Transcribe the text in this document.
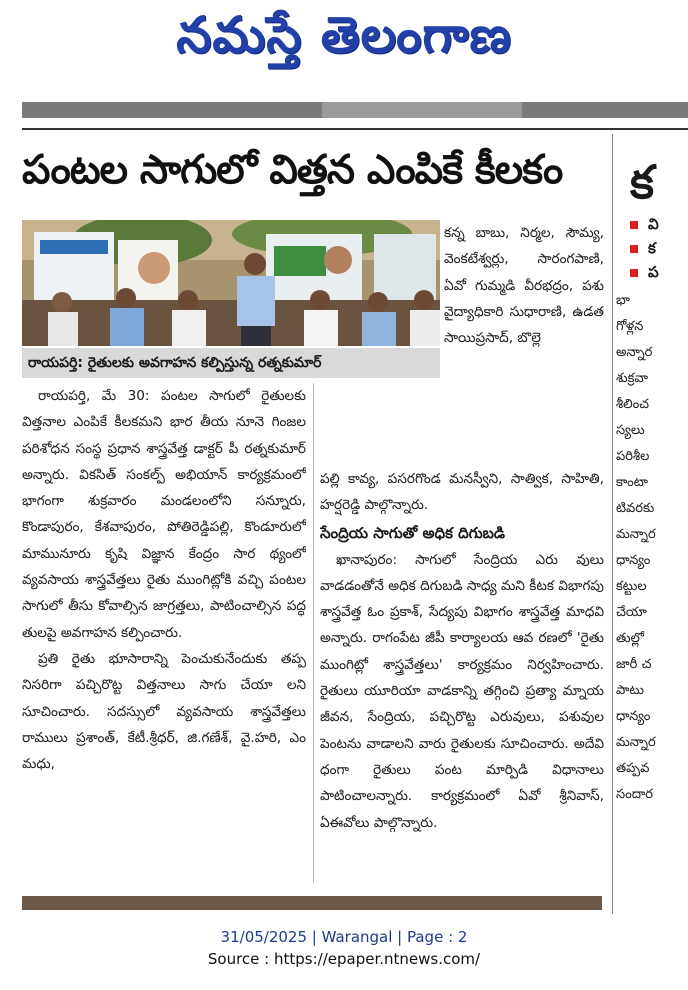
నమస్తే తెలంగాణ
పంటల సాగులో విత్తన ఎంపికే కీలకం
రాయపర్తి: రైతులకు అవగాహన కల్పిస్తున్న రత్నకుమార్

రాయపర్తి, మే 30: పంటల సాగులో రైతులకు విత్తనాల ఎంపికే కీలకమని భార తీయ నూనె గింజల పరిశోధన సంస్థ ప్రధాన శాస్త్రవేత్త డాక్టర్ పీ రత్నకుమార్ అన్నారు. వికసిత్ సంకల్ప్ అభియాన్ కార్యక్రమంలో భాగంగా శుక్రవారం మండలంలోని సన్నూరు, కొండాపురం, కేశవాపురం, పోతిరెడ్డిపల్లి, కొండూరులో మామునూరు కృషి విజ్ఞాన కేంద్రం సార థ్యంలో వ్యవసాయ శాస్త్రవేత్తలు రైతు ముంగిట్లోకి వచ్చి పంటల సాగులో తీసు కోవాల్సిన జాగ్రత్తలు, పాటించాల్సిన పద్ధ తులపై అవగాహన కల్పించారు.

ప్రతి రైతు భూసారాన్ని పెంచుకునేందుకు తప్ప నిసరిగా పచ్చిరొట్ట విత్తనాలు సాగు చేయా లని సూచించారు. సదస్సులో వ్యవసాయ శాస్త్రవేత్తలు రాములు ప్రశాంత్, కేటీ.శ్రీధర్, జి.గణేశ్, వై.హరి, ఎం మధు,

కన్న బాబు, నిర్మల, సౌమ్య, వెంకటేశ్వర్లు, సారంగపాణి, ఏవో గుమ్మడి వీరభద్రం, పశు వైద్యాధికారి సుధారాణి, ఉడత సాయిప్రసాద్, బొల్లె

పల్లి కావ్య, పసరగొండ మనస్వీని, సాత్విక, సాహితి, హర్షరెడ్డి పాల్గొన్నారు.

సేంద్రియ సాగుతో అధిక దిగుబడి

ఖానాపురం: సాగులో సేంద్రియ ఎరు వులు వాడడంతోనే అధిక దిగుబడి సాధ్య మని కీటక విభాగపు శాస్త్రవేత్త ఓం ప్రకాశ్, సేద్యపు విభాగం శాస్త్రవేత్త మాధవి అన్నారు. రాగంపేట జీపీ కార్యాలయ ఆవ రణలో 'రైతు ముంగిట్లో శాస్త్రవేత్తలు' కార్యక్రమం నిర్వహించారు. రైతులు యూరియా వాడకాన్ని తగ్గించి ప్రత్యా మ్నాయ జీవన, సేంద్రియ, పచ్చిరొట్ట ఎరువులు, పశువుల పెంటను వాడాలని వారు రైతులకు సూచించారు. అదేవి ధంగా రైతులు పంట మార్పిడి విధానాలు పాటించాలన్నారు. కార్యక్రమంలో ఏవో శ్రీనివాస్, ఏఈవోలు పాల్గొన్నారు.

క
వి
క
ప
భా
గోళ్లన
అన్నార
శుక్రవా
శీలించ
స్యలు
పరిశీల
కాంటా
టివరకు
మన్నార
ధాన్యం
కట్టుల
చేయా
తుల్లో
జారీ చ
పాటు
ధాన్యం
మన్నార
తప్పవ
సందార
31/05/2025 | Warangal | Page : 2
Source : https://epaper.ntnews.com/
